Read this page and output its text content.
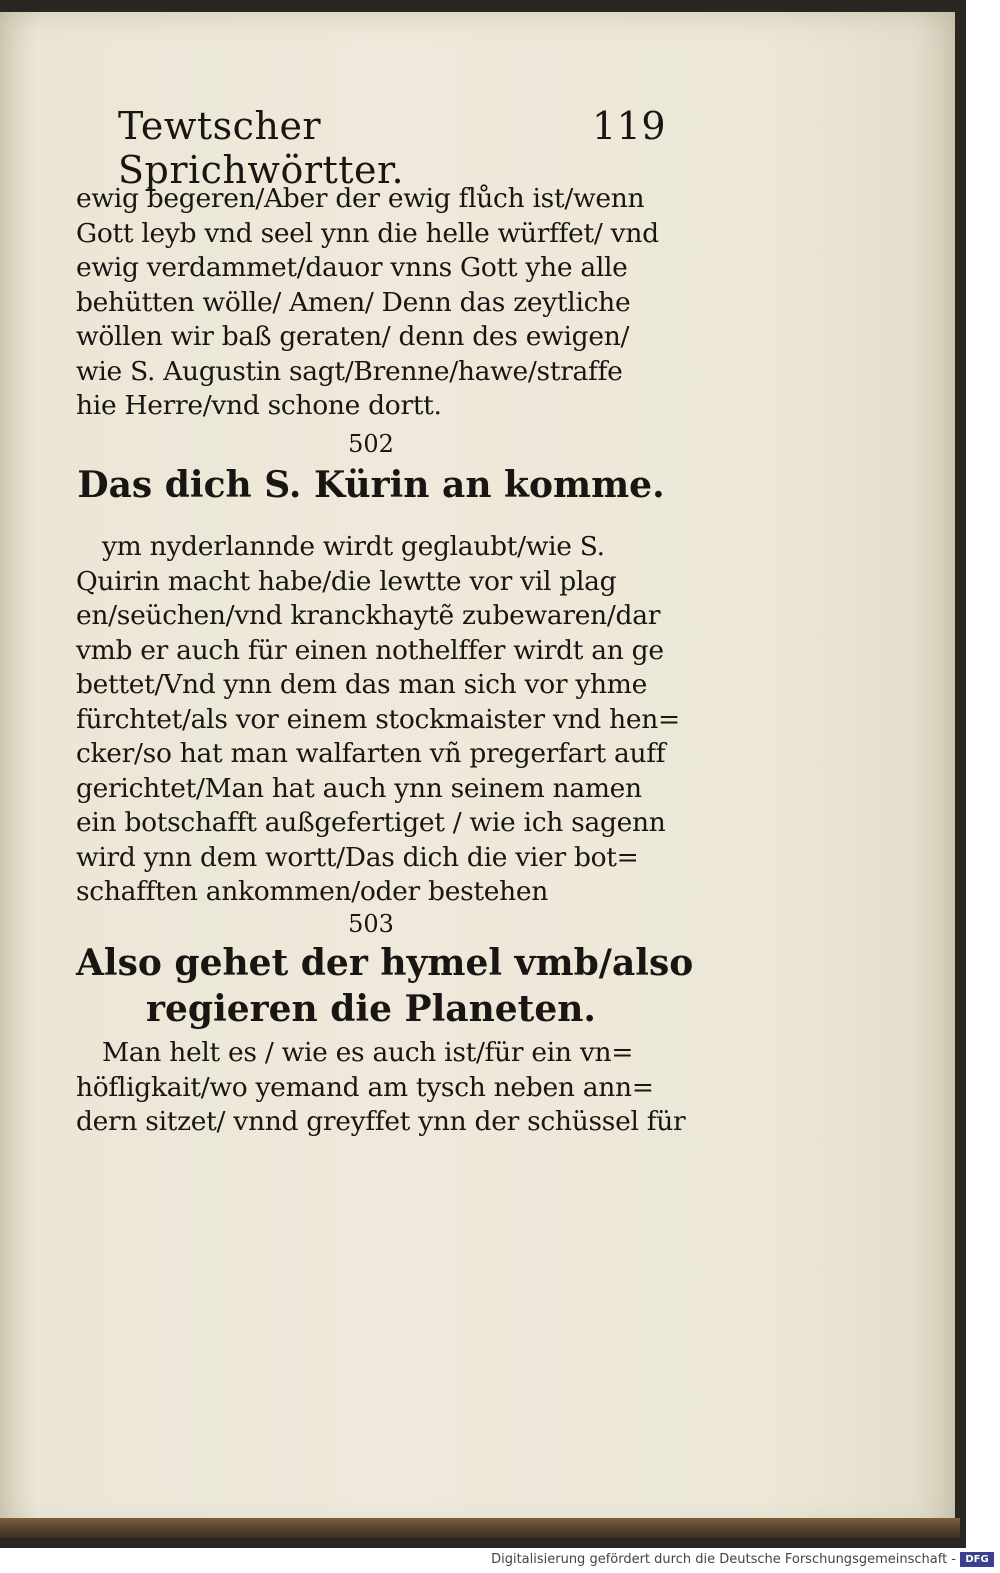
Tewtscher Sprichwörtter.
119
ewig begeren/Aber der ewig flůch ist/wenn
Gott leyb vnd seel ynn die helle würffet/ vnd
ewig verdammet/dauor vnns Gott yhe alle
behütten wölle/ Amen/ Denn das zeytliche
wöllen wir baß geraten/ denn des ewigen/
wie S. Augustin sagt/Brenne/hawe/straffe
hie Herre/vnd schone dortt.
502
Das dich S. Kürin an komme.
ym nyderlannde wirdt geglaubt/wie S.
Quirin macht habe/die lewtte vor vil plag
en/seüchen/vnd kranckhaytẽ zubewaren/dar
vmb er auch für einen nothelffer wirdt an ge
bettet/Vnd ynn dem das man sich vor yhme
fürchtet/als vor einem stockmaister vnd hen=
cker/so hat man walfarten vñ pregerfart auff
gerichtet/Man hat auch ynn seinem namen
ein botschafft außgefertiget / wie ich sagenn
wird ynn dem wortt/Das dich die vier bot=
schafften ankommen/oder bestehen
503
Also gehet der hymel vmb/also
regieren die Planeten.
Man helt es / wie es auch ist/für ein vn=
höfligkait/wo yemand am tysch neben ann=
dern sitzet/ vnnd greyffet ynn der schüssel für
Digitalisierung gefördert durch die Deutsche Forschungsgemeinschaft - DFG
